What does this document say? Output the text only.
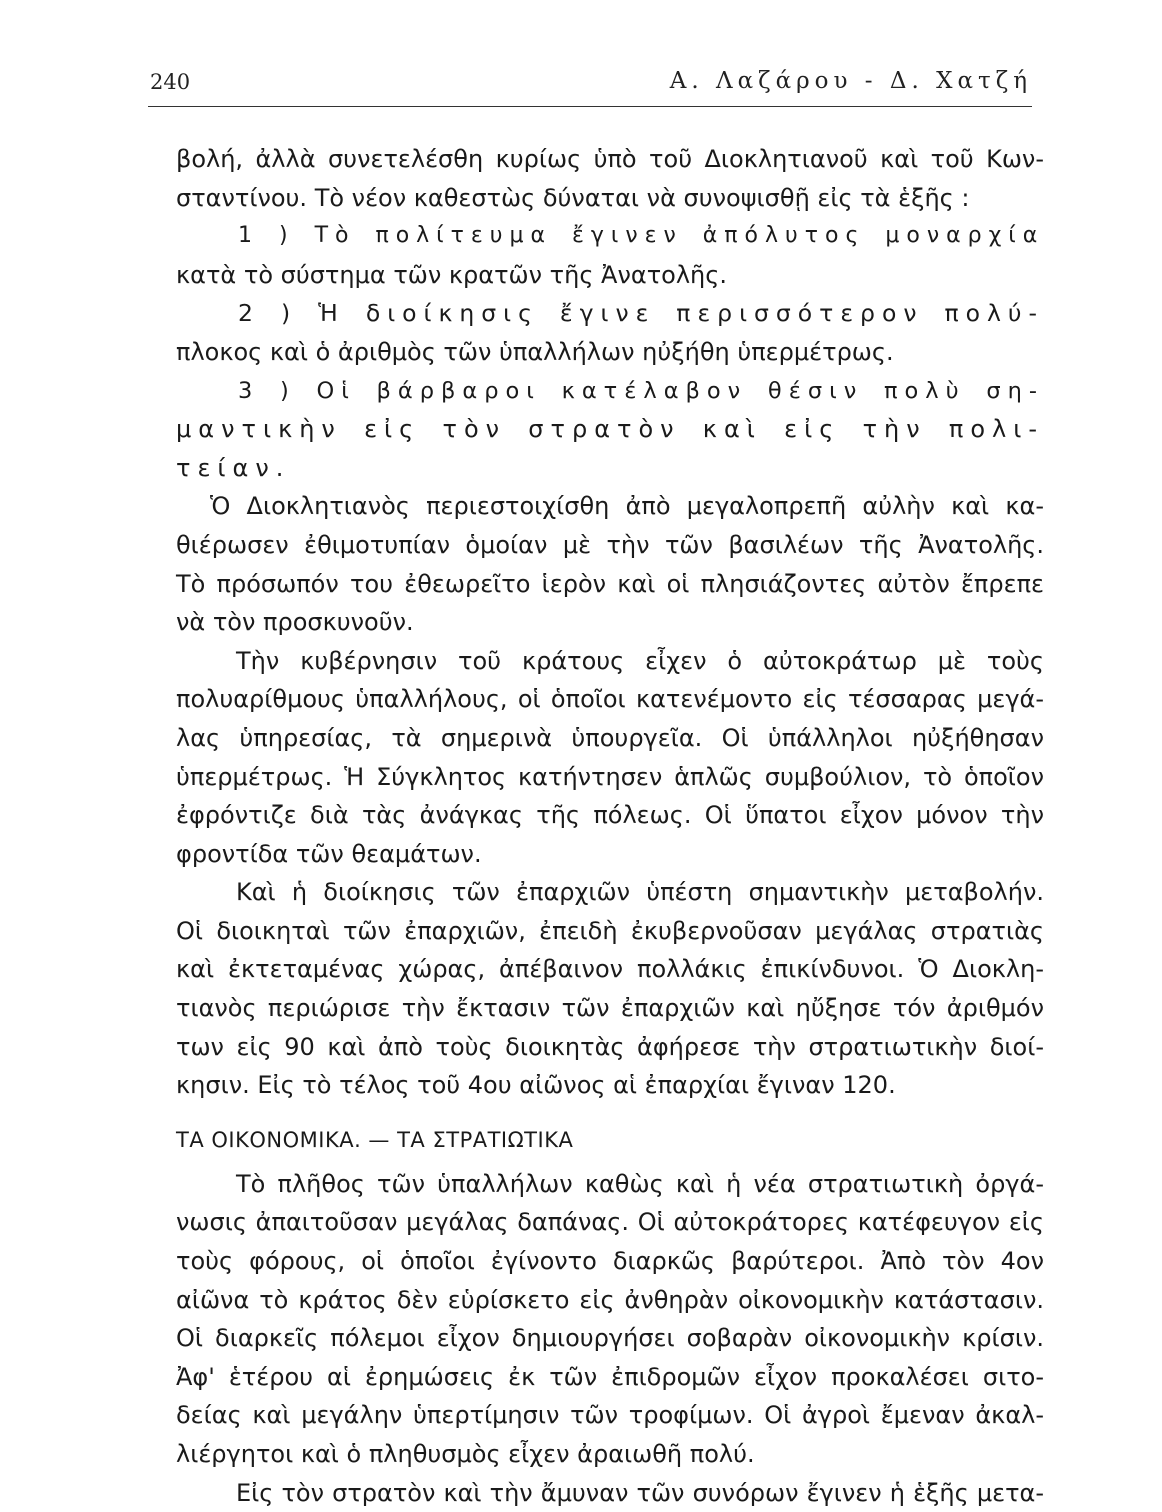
240	Α. Λαζάρου - Δ. Χατζή
βολή, ἀλλὰ συνετελέσθη κυρίως ὑπὸ τοῦ Διοκλητιανοῦ καὶ τοῦ Κων-
σταντίνου. Τὸ νέον καθεστὼς δύναται νὰ συνοψισθῇ εἰς τὰ ἑξῆς :
1 ) Τὸ πολίτευμα ἔγινεν ἀπόλυτος μοναρχία
κατὰ τὸ σύστημα τῶν κρατῶν τῆς Ἀνατολῆς.
2 ) Ἡ διοίκησις ἔγινε περισσότερον πολύ-
πλοκος καὶ ὁ ἀριθμὸς τῶν ὑπαλλήλων ηὐξήθη ὑπερμέτρως.
3 ) Οἱ βάρβαροι κατέλαβον θέσιν πολὺ ση-
μαντικὴν εἰς τὸν στρατὸν καὶ εἰς τὴν πολι-
τείαν.
Ὁ Διοκλητιανὸς περιεστοιχίσθη ἀπὸ μεγαλοπρεπῆ αὐλὴν καὶ κα-
θιέρωσεν ἐθιμοτυπίαν ὁμοίαν μὲ τὴν τῶν βασιλέων τῆς Ἀνατολῆς.
Τὸ πρόσωπόν του ἐθεωρεῖτο ἱερὸν καὶ οἱ πλησιάζοντες αὐτὸν ἔπρεπε
νὰ τὸν προσκυνοῦν.
Τὴν κυβέρνησιν τοῦ κράτους εἶχεν ὁ αὐτοκράτωρ μὲ τοὺς
πολυαρίθμους ὑπαλλήλους, οἱ ὁποῖοι κατενέμοντο εἰς τέσσαρας μεγά-
λας ὑπηρεσίας, τὰ σημερινὰ ὑπουργεῖα. Οἱ ὑπάλληλοι ηὐξήθησαν
ὑπερμέτρως. Ἡ Σύγκλητος κατήντησεν ἁπλῶς συμβούλιον, τὸ ὁποῖον
ἐφρόντιζε διὰ τὰς ἀνάγκας τῆς πόλεως. Οἱ ὕπατοι εἶχον μόνον τὴν
φροντίδα τῶν θεαμάτων.
Καὶ ἡ διοίκησις τῶν ἐπαρχιῶν ὑπέστη σημαντικὴν μεταβολήν.
Οἱ διοικηταὶ τῶν ἐπαρχιῶν, ἐπειδὴ ἐκυβερνοῦσαν μεγάλας στρατιὰς
καὶ ἐκτεταμένας χώρας, ἀπέβαινον πολλάκις ἐπικίνδυνοι. Ὁ Διοκλη-
τιανὸς περιώρισε τὴν ἔκτασιν τῶν ἐπαρχιῶν καὶ ηὔξησε τόν ἀριθμόν
των εἰς 90 καὶ ἀπὸ τοὺς διοικητὰς ἀφήρεσε τὴν στρατιωτικὴν διοί-
κησιν. Εἰς τὸ τέλος τοῦ 4ου αἰῶνος αἱ ἐπαρχίαι ἔγιναν 120.
ΤΑ ΟΙΚΟΝΟΜΙΚΑ. — ΤΑ ΣΤΡΑΤΙΩΤΙΚΑ
Τὸ πλῆθος τῶν ὑπαλλήλων καθὼς καὶ ἡ νέα στρατιωτικὴ ὀργά-
νωσις ἀπαιτοῦσαν μεγάλας δαπάνας. Οἱ αὐτοκράτορες κατέφευγον εἰς
τοὺς φόρους, οἱ ὁποῖοι ἐγίνοντο διαρκῶς βαρύτεροι. Ἀπὸ τὸν 4ον
αἰῶνα τὸ κράτος δὲν εὑρίσκετο εἰς ἀνθηρὰν οἰκονομικὴν κατάστασιν.
Οἱ διαρκεῖς πόλεμοι εἶχον δημιουργήσει σοβαρὰν οἰκονομικὴν κρίσιν.
Ἀφ' ἑτέρου αἱ ἐρημώσεις ἐκ τῶν ἐπιδρομῶν εἶχον προκαλέσει σιτο-
δείας καὶ μεγάλην ὑπερτίμησιν τῶν τροφίμων. Οἱ ἀγροὶ ἔμεναν ἀκαλ-
λιέργητοι καὶ ὁ πληθυσμὸς εἶχεν ἀραιωθῆ πολύ.
Εἰς τὸν στρατὸν καὶ τὴν ἄμυναν τῶν συνόρων ἔγινεν ἡ ἑξῆς μετα-
